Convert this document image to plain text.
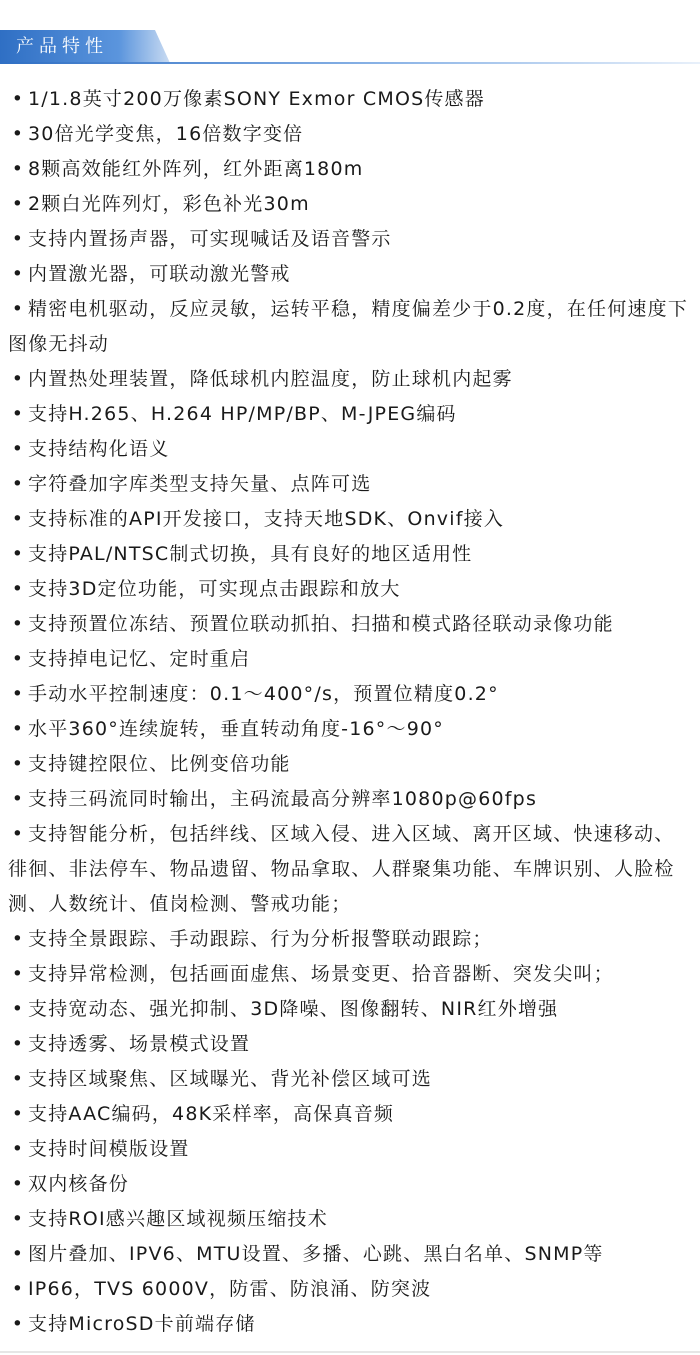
产品特性
• 1/1.8英寸200万像素SONY Exmor CMOS传感器
• 30倍光学变焦，16倍数字变倍
• 8颗高效能红外阵列，红外距离180m
• 2颗白光阵列灯，彩色补光30m
• 支持内置扬声器，可实现喊话及语音警示
• 内置激光器，可联动激光警戒
• 精密电机驱动，反应灵敏，运转平稳，精度偏差少于0.2度，在任何速度下图像无抖动
• 内置热处理装置，降低球机内腔温度，防止球机内起雾
• 支持H.265、H.264 HP/MP/BP、M-JPEG编码
• 支持结构化语义
• 字符叠加字库类型支持矢量、点阵可选
• 支持标准的API开发接口，支持天地SDK、Onvif接入
• 支持PAL/NTSC制式切换，具有良好的地区适用性
• 支持3D定位功能，可实现点击跟踪和放大
• 支持预置位冻结、预置位联动抓拍、扫描和模式路径联动录像功能
• 支持掉电记忆、定时重启
• 手动水平控制速度：0.1～400°/s，预置位精度0.2°
• 水平360°连续旋转，垂直转动角度-16°～90°
• 支持键控限位、比例变倍功能
• 支持三码流同时输出，主码流最高分辨率1080p@60fps
• 支持智能分析，包括绊线、区域入侵、进入区域、离开区域、快速移动、徘徊、非法停车、物品遗留、物品拿取、人群聚集功能、车牌识别、人脸检测、人数统计、值岗检测、警戒功能；
• 支持全景跟踪、手动跟踪、行为分析报警联动跟踪；
• 支持异常检测，包括画面虚焦、场景变更、拾音器断、突发尖叫；
• 支持宽动态、强光抑制、3D降噪、图像翻转、NIR红外增强
• 支持透雾、场景模式设置
• 支持区域聚焦、区域曝光、背光补偿区域可选
• 支持AAC编码，48K采样率，高保真音频
• 支持时间模版设置
• 双内核备份
• 支持ROI感兴趣区域视频压缩技术
• 图片叠加、IPV6、MTU设置、多播、心跳、黑白名单、SNMP等
• IP66，TVS 6000V，防雷、防浪涌、防突波
• 支持MicroSD卡前端存储
